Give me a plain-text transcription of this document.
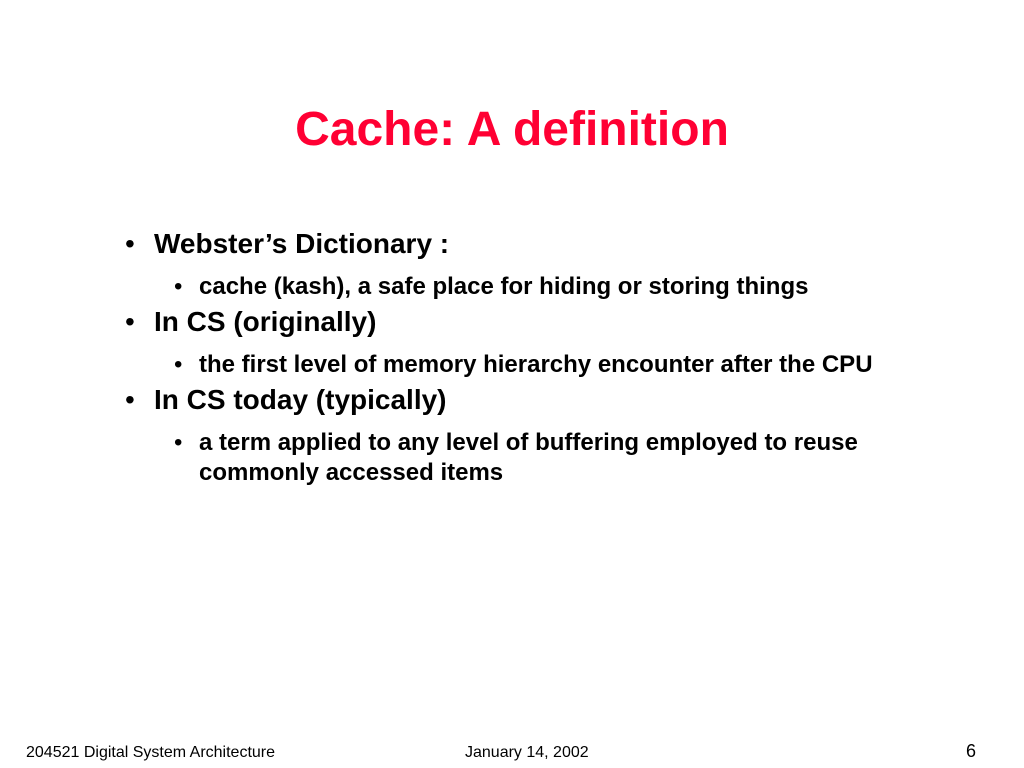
Cache: A definition
• Webster’s Dictionary :
• cache (kash), a safe place for hiding or storing things
• In CS (originally)
• the first level of memory hierarchy encounter after the CPU
• In CS today (typically)
• a term applied to any level of buffering employed to reuse commonly accessed items
204521 Digital System Architecture	January 14, 2002	6
